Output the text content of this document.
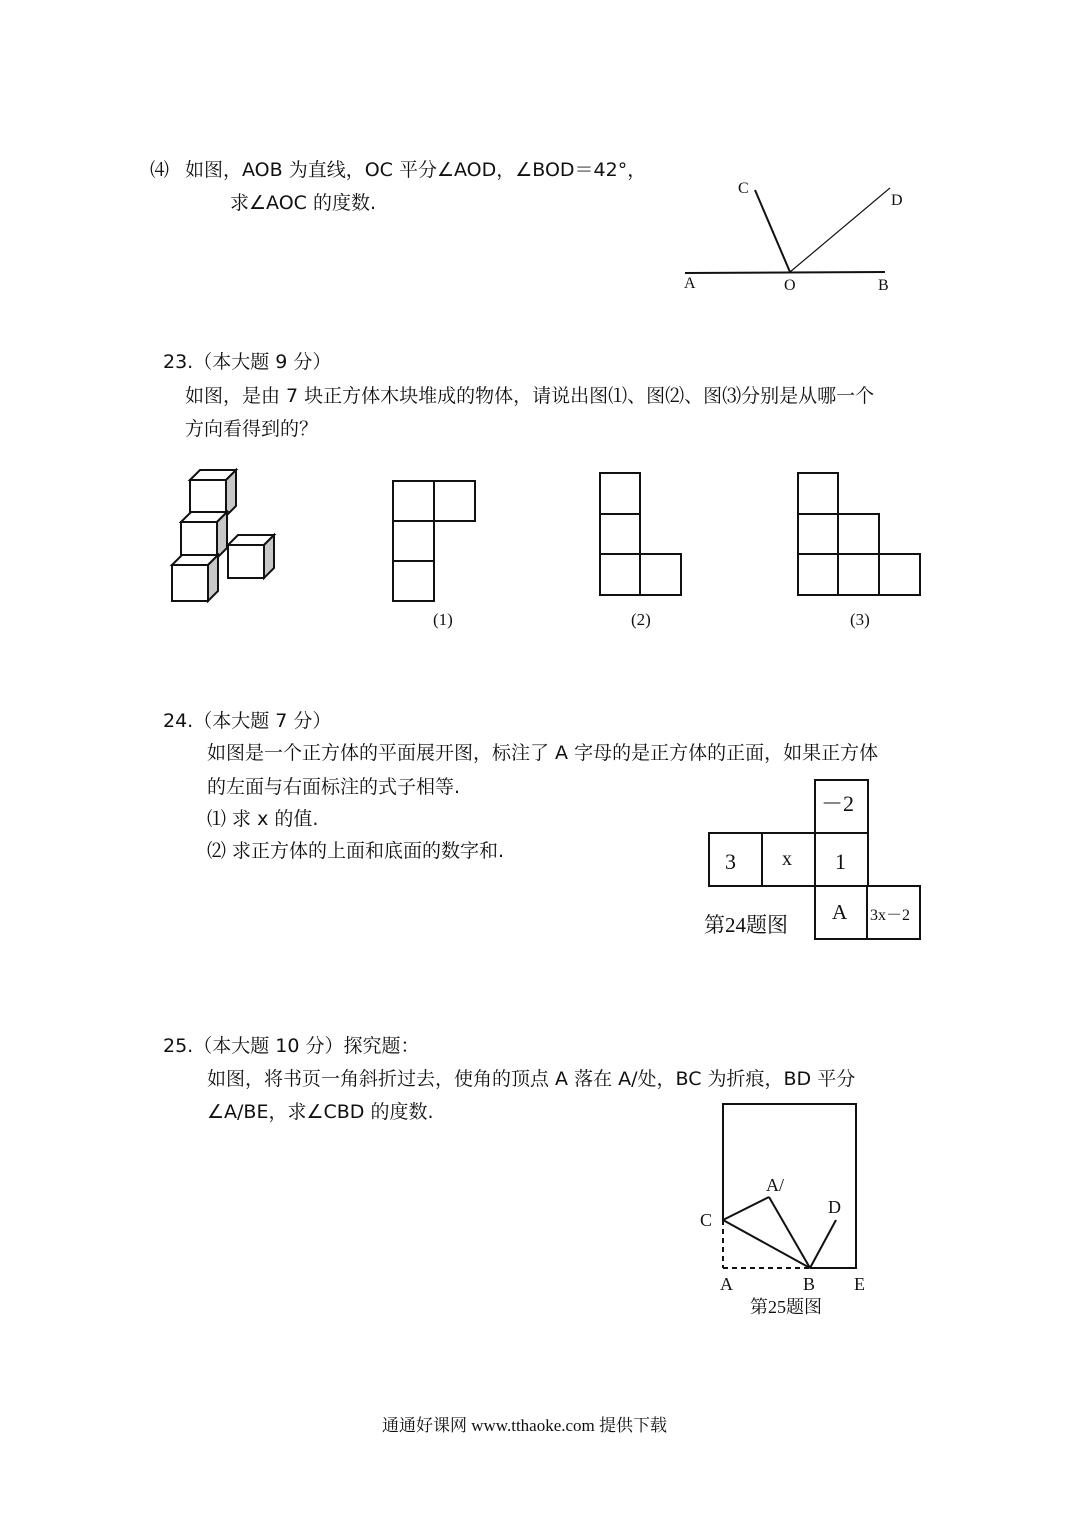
⑷ 如图，AOB 为直线，OC 平分∠AOD，∠BOD＝42°，
求∠AOC 的度数.
C
D
A	O	B
23.（本大题 9 分）
如图，是由 7 块正方体木块堆成的物体，请说出图⑴、图⑵、图⑶分别是从哪一个
方向看得到的？
(1)	(2)	(3)
24.（本大题 7 分）
如图是一个正方体的平面展开图，标注了 A 字母的是正方体的正面，如果正方体
的左面与右面标注的式子相等.
⑴ 求 x 的值.
⑵ 求正方体的上面和底面的数字和.
－2
3 x 1
A 3x－2
第24题图
25.（本大题 10 分）探究题：
如图，将书页一角斜折过去，使角的顶点 A 落在 A/处，BC 为折痕，BD 平分
∠A/BE，求∠CBD 的度数.
A/
C
D
A	B E
第25题图
通通好课网 www.tthaoke.com 提供下载
